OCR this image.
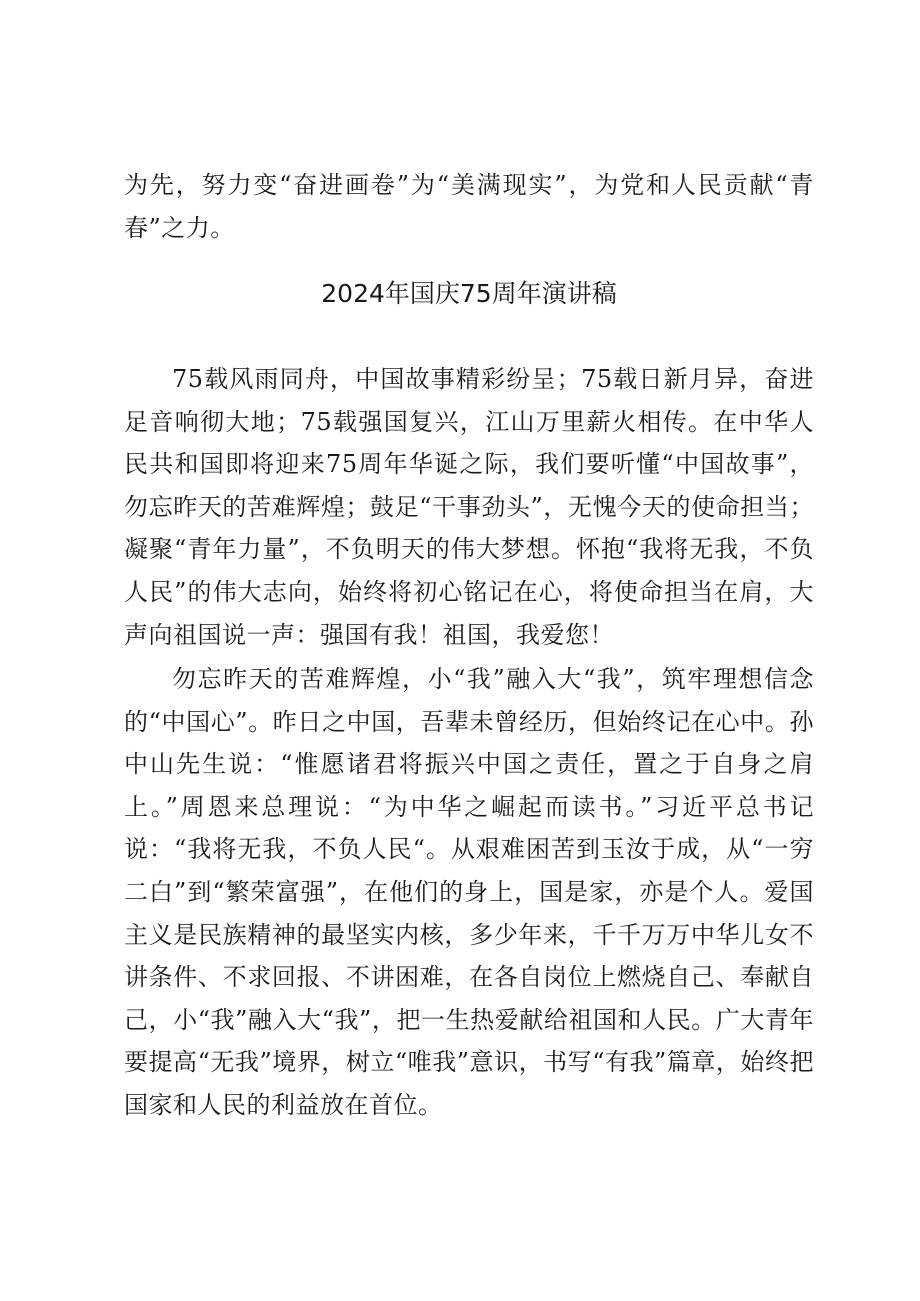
为先，努力变“奋进画卷”为“美满现实”，为党和人民贡献“青春”之力。

2024年国庆75周年演讲稿

75载风雨同舟，中国故事精彩纷呈；75载日新月异，奋进足音响彻大地；75载强国复兴，江山万里薪火相传。在中华人民共和国即将迎来75周年华诞之际，我们要听懂“中国故事”，勿忘昨天的苦难辉煌；鼓足“干事劲头”，无愧今天的使命担当；凝聚“青年力量”，不负明天的伟大梦想。怀抱“我将无我，不负人民”的伟大志向，始终将初心铭记在心，将使命担当在肩，大声向祖国说一声：强国有我！祖国，我爱您！

勿忘昨天的苦难辉煌，小“我”融入大“我”，筑牢理想信念的“中国心”。昨日之中国，吾辈未曾经历，但始终记在心中。孙中山先生说：“惟愿诸君将振兴中国之责任，置之于自身之肩上。”周恩来总理说：“为中华之崛起而读书。”习近平总书记说：“我将无我，不负人民“。从艰难困苦到玉汝于成，从“一穷二白”到“繁荣富强”，在他们的身上，国是家，亦是个人。爱国主义是民族精神的最坚实内核，多少年来，千千万万中华儿女不讲条件、不求回报、不讲困难，在各自岗位上燃烧自己、奉献自己，小“我”融入大“我”，把一生热爱献给祖国和人民。广大青年要提高“无我”境界，树立“唯我”意识，书写“有我”篇章，始终把国家和人民的利益放在首位。
